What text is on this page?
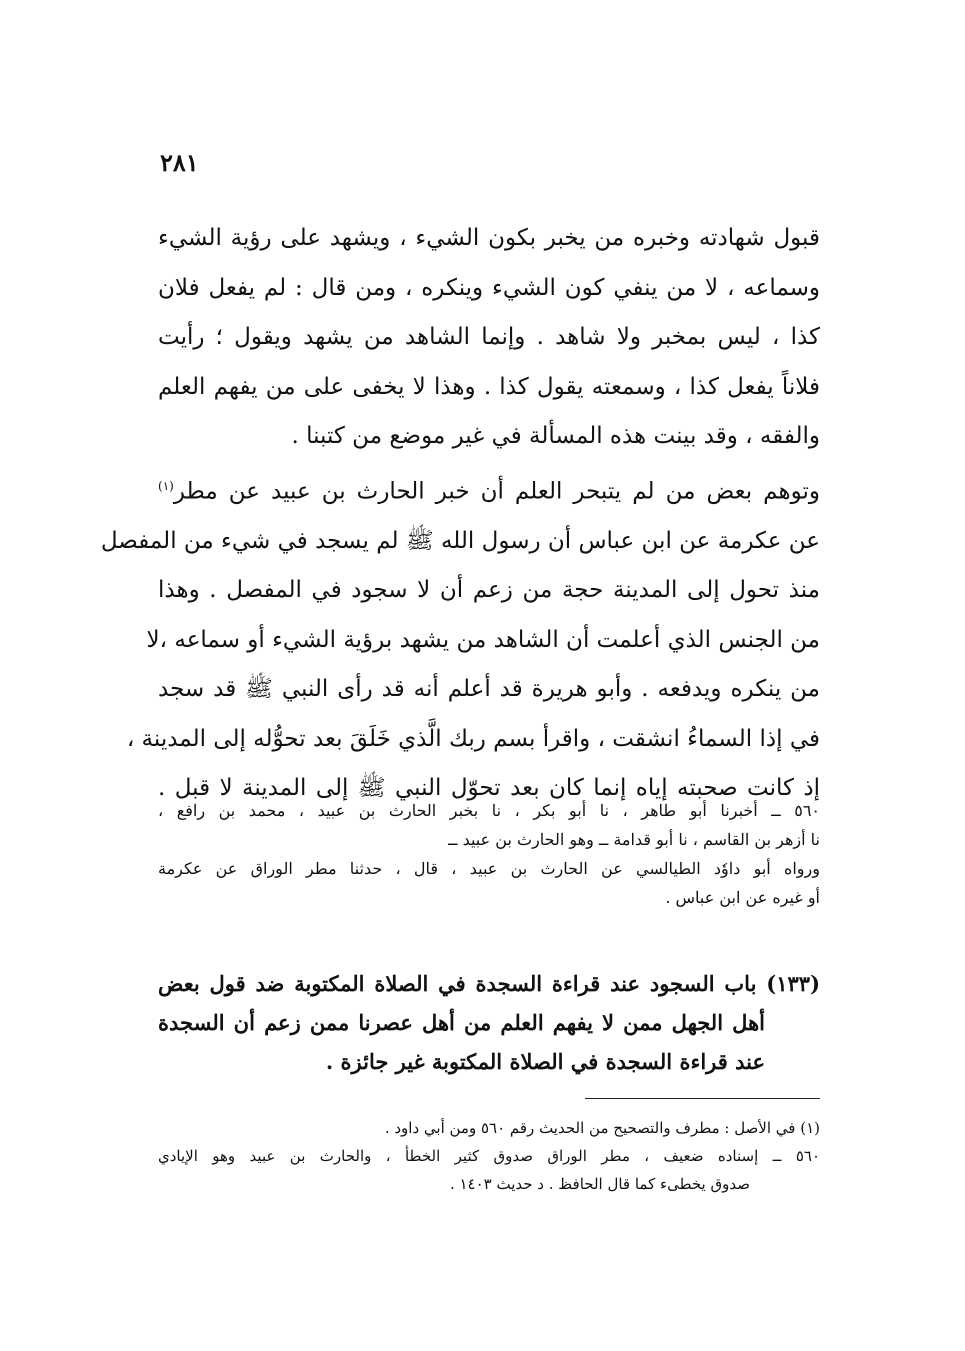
٢٨١
قبول شهادته وخبره من يخبر بكون الشيء ، ويشهد على رؤية الشيء
وسماعه ، لا من ينفي كون الشيء وينكره ، ومن قال : لم يفعل فلان
كذا ، ليس بمخبر ولا شاهد . وإنما الشاهد من يشهد ويقول ؛ رأيت
فلاناً يفعل كذا ، وسمعته يقول كذا . وهذا لا يخفى على من يفهم العلم
والفقه ، وقد بينت هذه المسألة في غير موضع من كتبنا .
وتوهم بعض من لم يتبحر العلم أن خبر الحارث بن عبيد عن مطر$^{(١)}$
عن عكرمة عن ابن عباس أن رسول الله ﷺ لم يسجد في شيء من المفصل
منذ تحول إلى المدينة حجة من زعم أن لا سجود في المفصل . وهذا
من الجنس الذي أعلمت أن الشاهد من يشهد برؤية الشيء أو سماعه ،لا
من ينكره ويدفعه . وأبو هريرة قد أعلم أنه قد رأى النبي ﷺ قد سجد
في إذا السماءُ انشقت ، واقرأ بسم ربك الَّذي خَلَقَ بعد تحوُّله إلى المدينة ،
إذ كانت صحبته إياه إنما كان بعد تحوّل النبي ﷺ إلى المدينة لا قبل .
٥٦٠ ــ أخبرنا أبو طاهر ، نا أبو بكر ، نا بخبر الحارث بن عبيد ، محمد بن رافع ،
نا أزهر بن القاسم ، نا أبو قدامة ــ وهو الحارث بن عبيد ــ
ورواه أبو داوٗد الطيالسي عن الحارث بن عبيد ، قال ، حدثنا مطر الوراق عن عكرمة
أو غيره عن ابن عباس .
(١٣٣) باب السجود عند قراءة السجدة في الصلاة المكتوبة ضد قول بعض
أهل الجهل ممن لا يفهم العلم من أهل عصرنا ممن زعم أن السجدة
عند قراءة السجدة في الصلاة المكتوبة غير جائزة .
(١) في الأصل : مطرف والتصحيح من الحديث رقم ٥٦٠ ومن أبي داود .
٥٦٠ ــ إسناده ضعيف ، مطر الوراق صدوق كثير الخطأ ، والحارث بن عبيد وهو الإيادي
صدوق يخطىء كما قال الحافظ . د حديث ١٤٠٣ .
